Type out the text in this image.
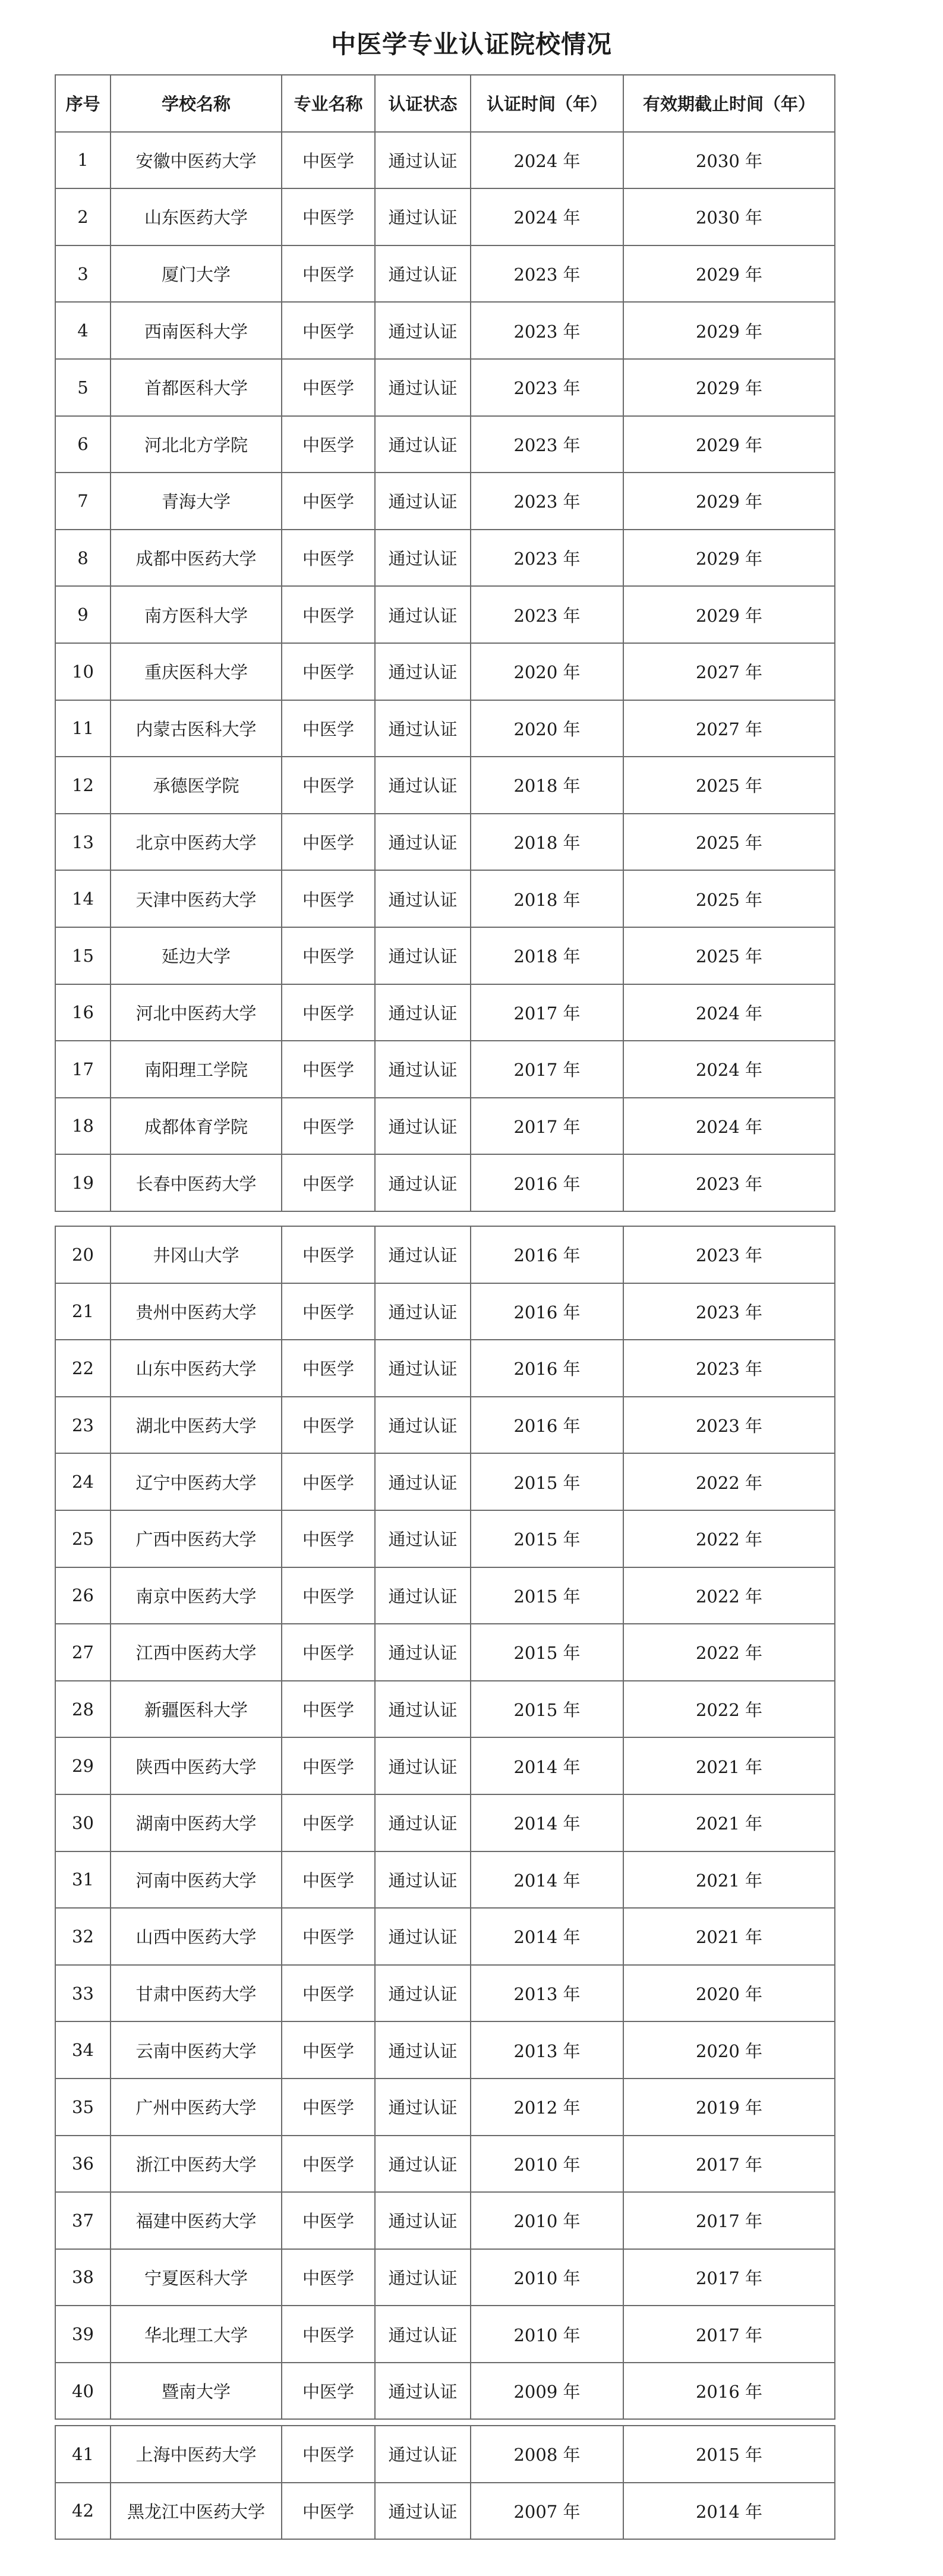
中医学专业认证院校情况
序号	学校名称	专业名称	认证状态	认证时间（年）	有效期截止时间（年）
1	安徽中医药大学	中医学	通过认证	2024 年	2030 年
2	山东医药大学	中医学	通过认证	2024 年	2030 年
3	厦门大学	中医学	通过认证	2023 年	2029 年
4	西南医科大学	中医学	通过认证	2023 年	2029 年
5	首都医科大学	中医学	通过认证	2023 年	2029 年
6	河北北方学院	中医学	通过认证	2023 年	2029 年
7	青海大学	中医学	通过认证	2023 年	2029 年
8	成都中医药大学	中医学	通过认证	2023 年	2029 年
9	南方医科大学	中医学	通过认证	2023 年	2029 年
10	重庆医科大学	中医学	通过认证	2020 年	2027 年
11	内蒙古医科大学	中医学	通过认证	2020 年	2027 年
12	承德医学院	中医学	通过认证	2018 年	2025 年
13	北京中医药大学	中医学	通过认证	2018 年	2025 年
14	天津中医药大学	中医学	通过认证	2018 年	2025 年
15	延边大学	中医学	通过认证	2018 年	2025 年
16	河北中医药大学	中医学	通过认证	2017 年	2024 年
17	南阳理工学院	中医学	通过认证	2017 年	2024 年
18	成都体育学院	中医学	通过认证	2017 年	2024 年
19	长春中医药大学	中医学	通过认证	2016 年	2023 年
20	井冈山大学	中医学	通过认证	2016 年	2023 年
21	贵州中医药大学	中医学	通过认证	2016 年	2023 年
22	山东中医药大学	中医学	通过认证	2016 年	2023 年
23	湖北中医药大学	中医学	通过认证	2016 年	2023 年
24	辽宁中医药大学	中医学	通过认证	2015 年	2022 年
25	广西中医药大学	中医学	通过认证	2015 年	2022 年
26	南京中医药大学	中医学	通过认证	2015 年	2022 年
27	江西中医药大学	中医学	通过认证	2015 年	2022 年
28	新疆医科大学	中医学	通过认证	2015 年	2022 年
29	陕西中医药大学	中医学	通过认证	2014 年	2021 年
30	湖南中医药大学	中医学	通过认证	2014 年	2021 年
31	河南中医药大学	中医学	通过认证	2014 年	2021 年
32	山西中医药大学	中医学	通过认证	2014 年	2021 年
33	甘肃中医药大学	中医学	通过认证	2013 年	2020 年
34	云南中医药大学	中医学	通过认证	2013 年	2020 年
35	广州中医药大学	中医学	通过认证	2012 年	2019 年
36	浙江中医药大学	中医学	通过认证	2010 年	2017 年
37	福建中医药大学	中医学	通过认证	2010 年	2017 年
38	宁夏医科大学	中医学	通过认证	2010 年	2017 年
39	华北理工大学	中医学	通过认证	2010 年	2017 年
40	暨南大学	中医学	通过认证	2009 年	2016 年
41	上海中医药大学	中医学	通过认证	2008 年	2015 年
42	黑龙江中医药大学	中医学	通过认证	2007 年	2014 年
